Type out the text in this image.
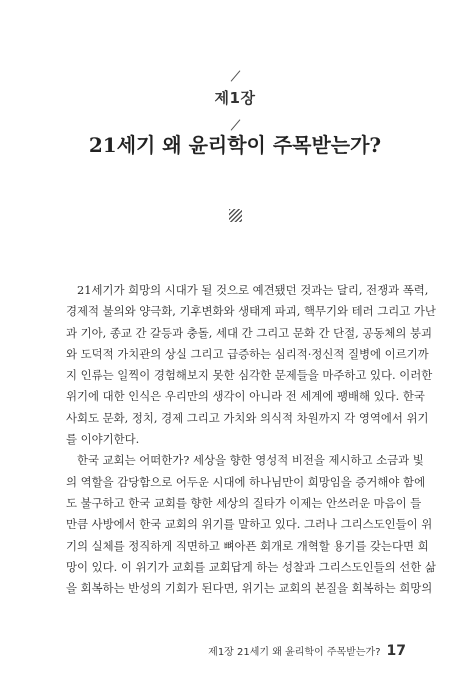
제1장
21세기 왜 윤리학이 주목받는가?
21세기가 희망의 시대가 될 것으로 예견됐던 것과는 달리, 전쟁과 폭력,
경제적 불의와 양극화, 기후변화와 생태계 파괴, 핵무기와 테러 그리고 가난
과 기아, 종교 간 갈등과 충돌, 세대 간 그리고 문화 간 단절, 공동체의 붕괴
와 도덕적 가치관의 상실 그리고 급증하는 심리적·정신적 질병에 이르기까
지 인류는 일찍이 경험해보지 못한 심각한 문제들을 마주하고 있다. 이러한
위기에 대한 인식은 우리만의 생각이 아니라 전 세계에 팽배해 있다. 한국
사회도 문화, 정치, 경제 그리고 가치와 의식적 차원까지 각 영역에서 위기
를 이야기한다.
한국 교회는 어떠한가? 세상을 향한 영성적 비전을 제시하고 소금과 빛
의 역할을 감당함으로 어두운 시대에 하나님만이 희망임을 증거해야 함에
도 불구하고 한국 교회를 향한 세상의 질타가 이제는 안쓰러운 마음이 들
만큼 사방에서 한국 교회의 위기를 말하고 있다. 그러나 그리스도인들이 위
기의 실체를 정직하게 직면하고 뼈아픈 회개로 개혁할 용기를 갖는다면 희
망이 있다. 이 위기가 교회를 교회답게 하는 성찰과 그리스도인들의 선한 삶
을 회복하는 반성의 기회가 된다면, 위기는 교회의 본질을 회복하는 희망의
제1장 21세기 왜 윤리학이 주목받는가? 17
